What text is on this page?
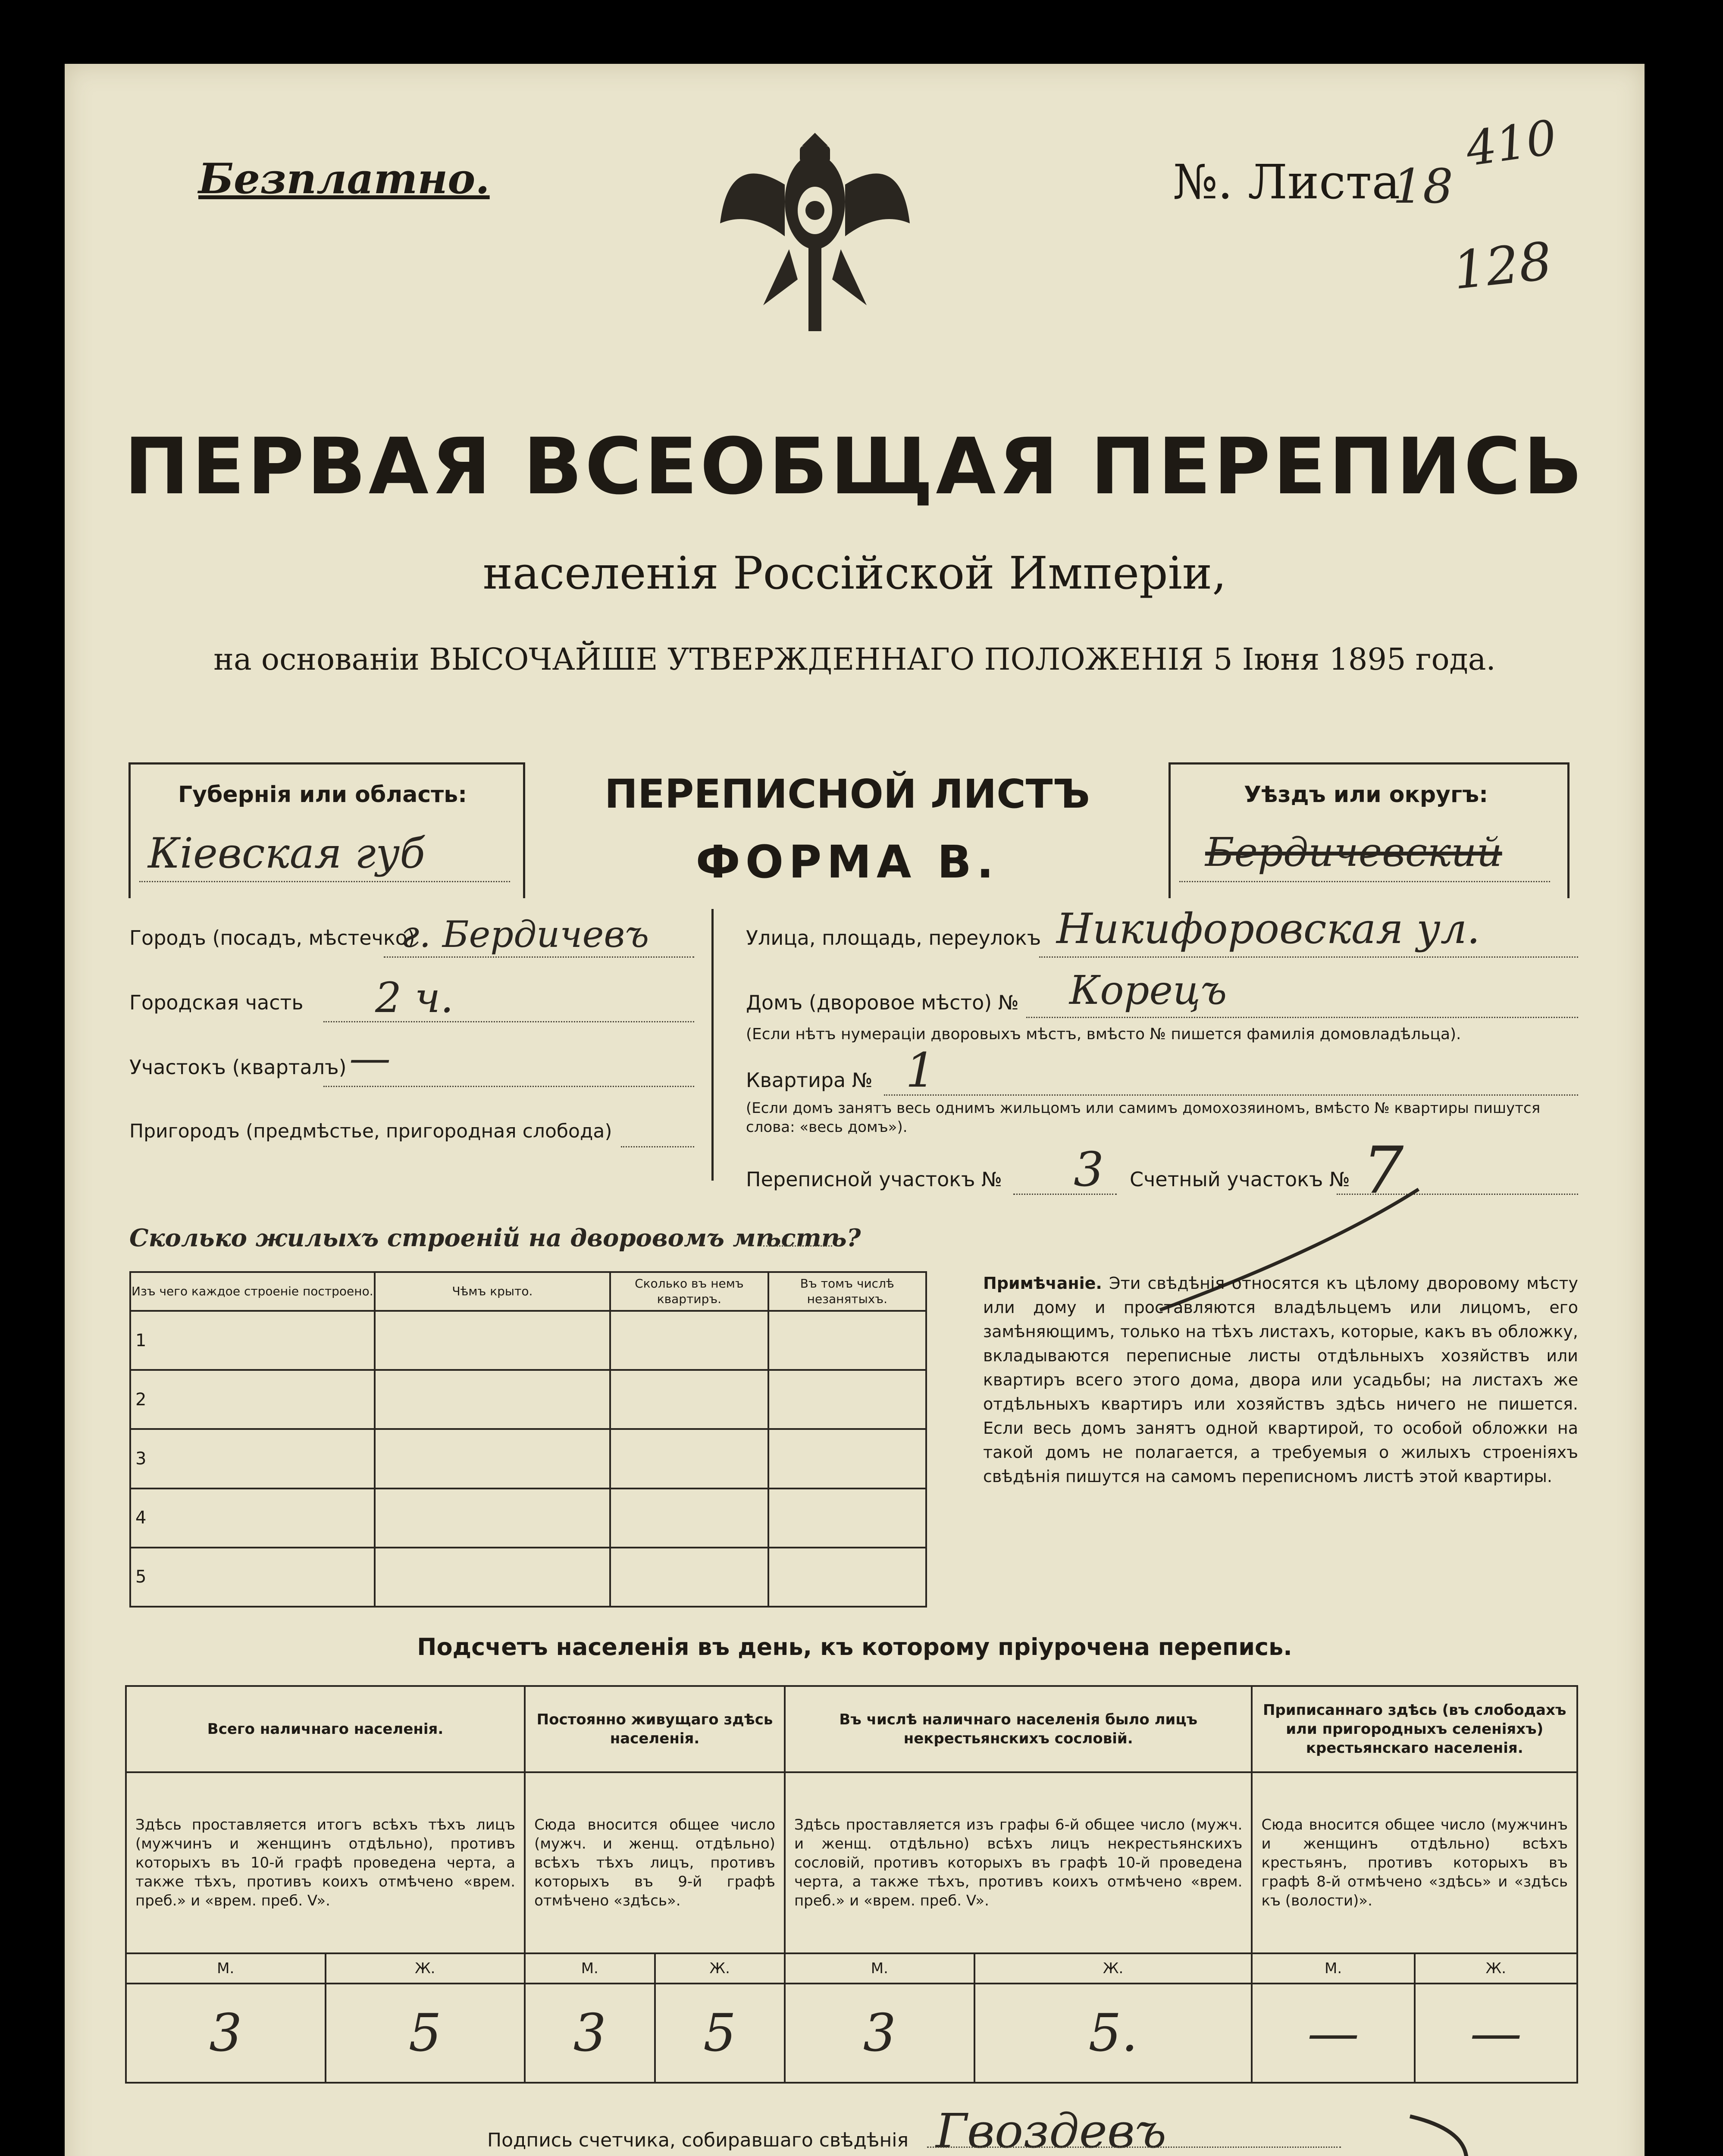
Безплатно.	№. Листа
18
410
128
ПЕРВАЯ ВСЕОБЩАЯ ПЕРЕПИСЬ
населенія Россійской Имперіи,
на основаніи ВЫСОЧАЙШЕ УТВЕРЖДЕННАГО ПОЛОЖЕНІЯ 5 Іюня 1895 года.
Губернія или область:
Кіевская губ
ПЕРЕПИСНОЙ ЛИСТЪ
ФОРМА В.
Уѣздъ или округъ:
Бердичевский
Городъ (посадъ, мѣстечко)
г. Бердичевъ
Городская часть 2 ч.
Участокъ (кварталъ) —
Пригородъ (предмѣстье, пригородная слобода)
Улица, площадь, переулокъ Никифоровская ул.
Домъ (дворовое мѣсто) № Корецъ
(Если нѣтъ нумераціи дворовыхъ мѣстъ, вмѣсто № пишется фамилія домовладѣльца).
Квартира № 1
(Если домъ занятъ весь однимъ жильцомъ или самимъ домохозяиномъ, вмѣсто № квартиры пишутся слова: «весь домъ»).
Переписной участокъ № 3 Счетный участокъ № 7
Сколько жилыхъ строеній на дворовомъ мѣстѣ?
Изъ чего каждое строеніе построено.	Чѣмъ крыто.	Сколько въ немъ квартиръ.	Въ томъ числѣ незанятыхъ.
1			
2			
3			
4			
5			
Примѣчаніе. Эти свѣдѣнія относятся къ цѣлому дворовому мѣсту или дому и проставляются владѣльцемъ или лицомъ, его замѣняющимъ, только на тѣхъ листахъ, которые, какъ въ обложку, вкладываются переписные листы отдѣльныхъ хозяйствъ или квартиръ всего этого дома, двора или усадьбы; на листахъ же отдѣльныхъ квартиръ или хозяйствъ здѣсь ничего не пишется. Если весь домъ занятъ одной квартирой, то особой обложки на такой домъ не полагается, а требуемыя о жилыхъ строеніяхъ свѣдѣнія пишутся на самомъ переписномъ листѣ этой квартиры.
Подсчетъ населенія въ день, къ которому пріурочена перепись.
Всего наличнаго населенія.		Постоянно живущаго здѣсь населенія.		Въ числѣ наличнаго населенія было лицъ некрестьянскихъ сословій.		Приписаннаго здѣсь (въ слободахъ или пригородныхъ селеніяхъ) крестьянскаго населенія.	
Здѣсь проставляется итогъ всѣхъ тѣхъ лицъ (мужчинъ и женщинъ отдѣльно), противъ которыхъ въ 10-й графѣ проведена черта, а также тѣхъ, противъ коихъ отмѣчено «врем. преб.» и «врем. преб. V».		Сюда вносится общее число (мужч. и женщ. отдѣльно) всѣхъ тѣхъ лицъ, противъ которыхъ въ 9-й графѣ отмѣчено «здѣсь».		Здѣсь проставляется изъ графы 6-й общее число (мужч. и женщ. отдѣльно) всѣхъ лицъ некрестьянскихъ сословій, противъ которыхъ въ графѣ 10-й проведена черта, а также тѣхъ, противъ коихъ отмѣчено «врем. преб.» и «врем. преб. V».		Сюда вносится общее число (мужчинъ и женщинъ отдѣльно) всѣхъ крестьянъ, противъ которыхъ въ графѣ 8-й отмѣчено «здѣсь» и «здѣсь къ (волости)».	
М.	Ж.	М.	Ж.	М.	Ж.	М.	Ж.
3	5	3	5	3	5.	—	—
Подпись счетчика, собиравшаго свѣдѣнія Гвоздевъ
